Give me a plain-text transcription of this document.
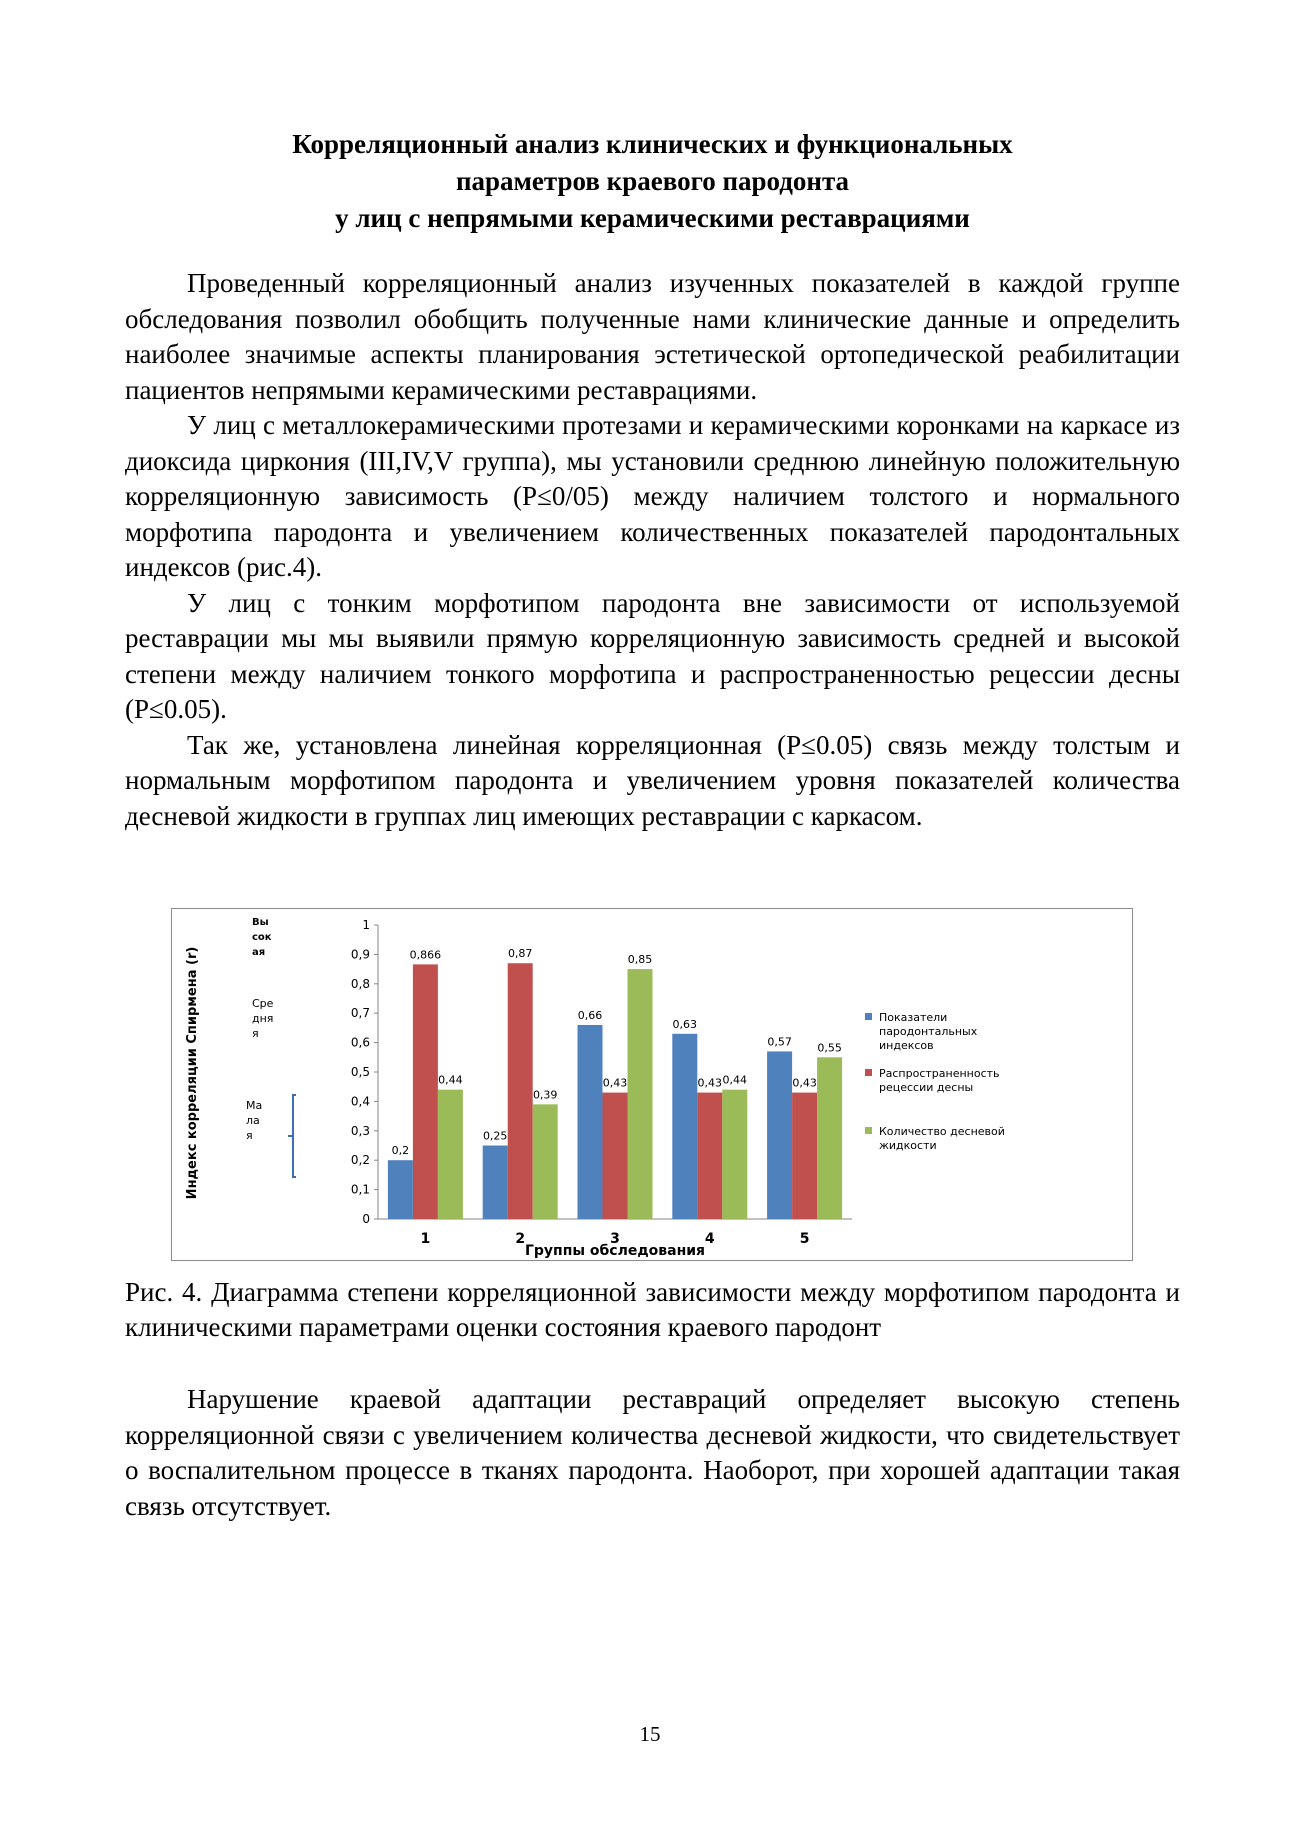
Корреляционный анализ клинических и функциональных
параметров краевого пародонта
у лиц с непрямыми керамическими реставрациями

Проведенный корреляционный анализ изученных показателей в каждой группе обследования позволил обобщить полученные нами клинические данные и определить наиболее значимые аспекты планирования эстетической ортопедической реабилитации пациентов непрямыми керамическими реставрациями.

У лиц с металлокерамическими протезами и керамическими коронками на каркасе из диоксида циркония (III,IV,V группа), мы установили среднюю линейную положительную корреляционную зависимость (P≤0/05) между наличием толстого и нормального морфотипа пародонта и увеличением количественных показателей пародонтальных индексов (рис.4).

У лиц с тонким морфотипом пародонта вне зависимости от используемой реставрации мы мы выявили прямую корреляционную зависимость средней и высокой степени между наличием тонкого морфотипа и распространенностью рецессии десны (P≤0.05).

Так же, установлена линейная корреляционная (P≤0.05) связь между толстым и нормальным морфотипом пародонта и увеличением уровня показателей количества десневой жидкости в группах лиц имеющих реставрации с каркасом.

0
0,1
0,2
0,3
0,4
0,5
0,6
0,7
0,8
0,9
1
0,2
0,866
0,44
1
0,25
0,87
0,39
2
0,66
0,43
0,85
3
0,63
0,43 0,44
4
0,57
0,43
0,55
5
Группы обследования
Индекс корреляции Спирмена (r)
Вы
сок
ая
Сре
дня
я
Ма
ла
я
Показатели
пародонтальных
индексов
Распространенность
рецессии десны
Количество десневой
жидкости
Рис. 4. Диаграмма степени корреляционной зависимости между морфотипом пародонта и клиническими параметрами оценки состояния краевого пародонт

Нарушение краевой адаптации реставраций определяет высокую степень корреляционной связи с увеличением количества десневой жидкости, что свидетельствует о воспалительном процессе в тканях пародонта. Наоборот, при хорошей адаптации такая связь отсутствует.

15
